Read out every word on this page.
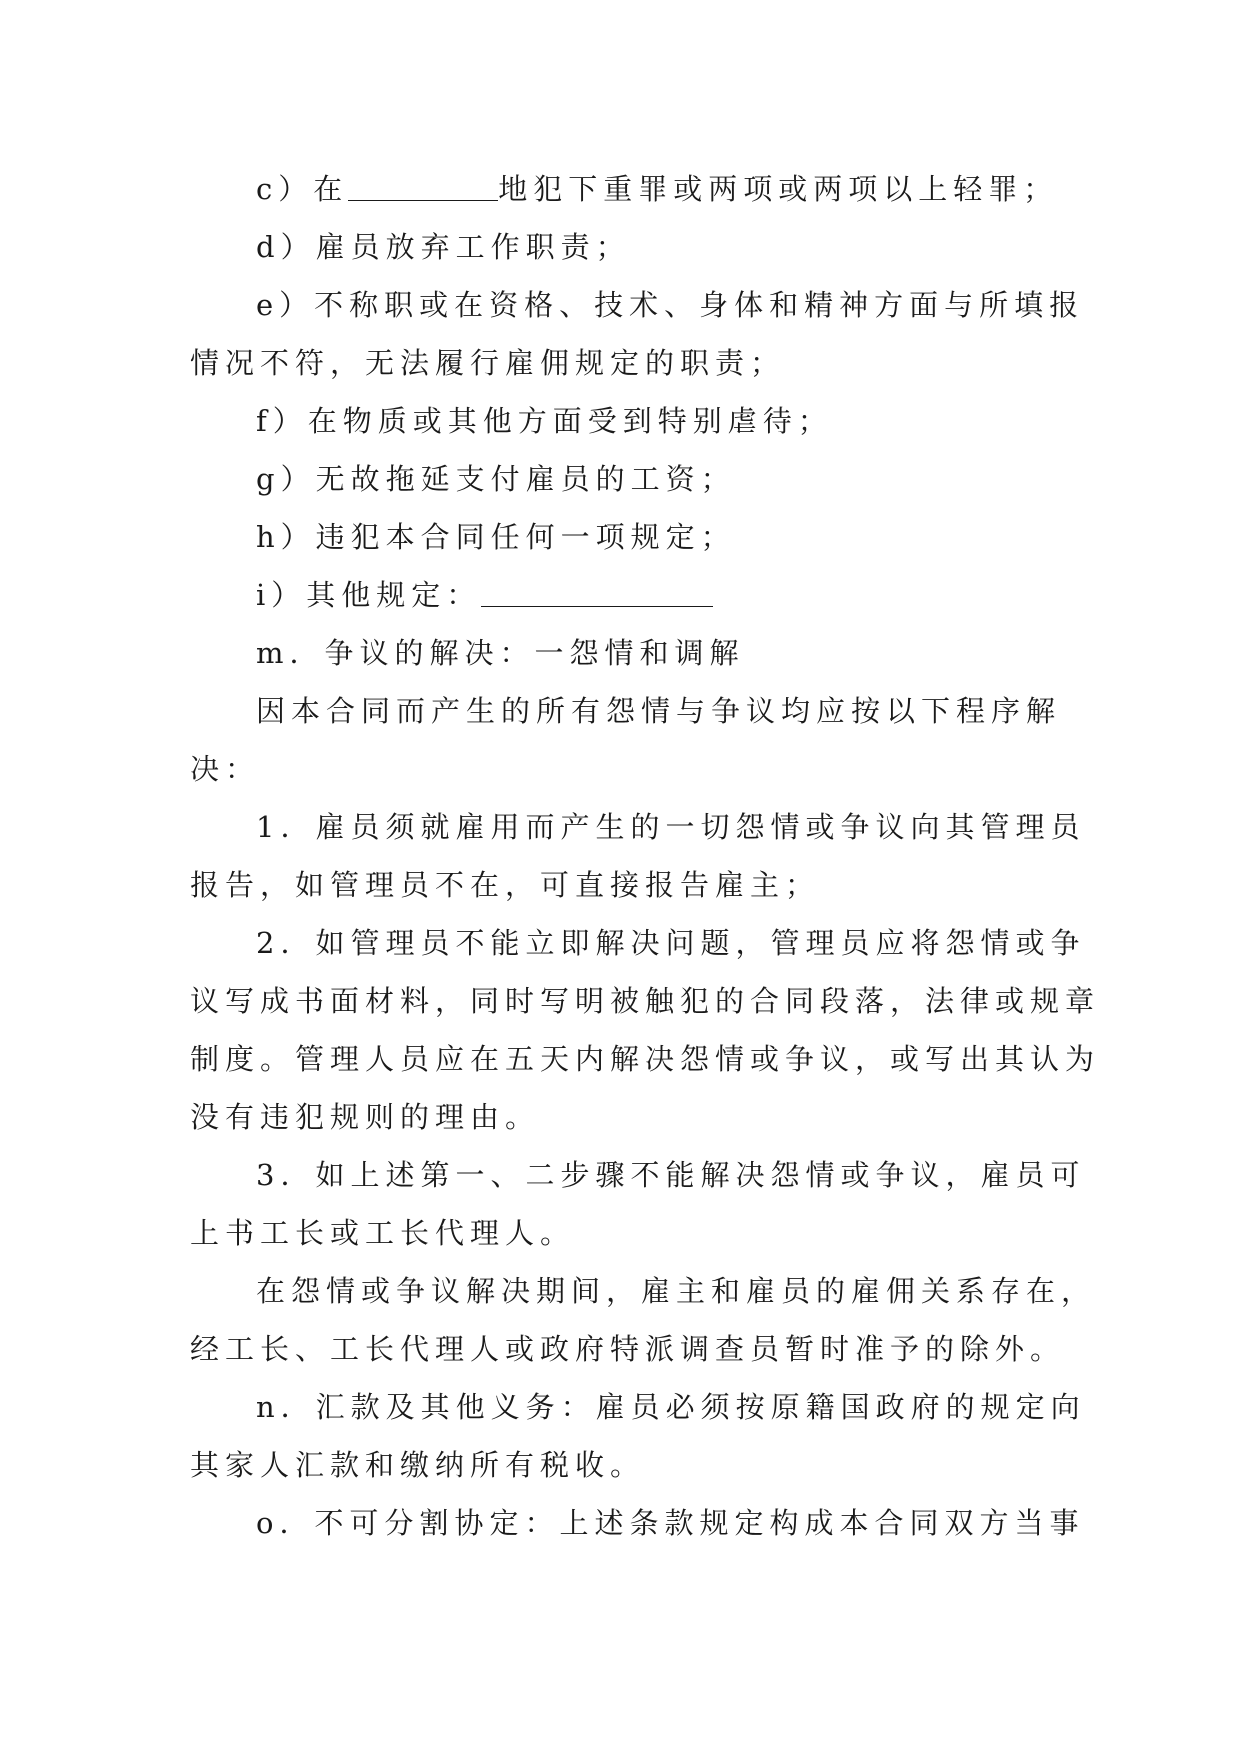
c）在	地犯下重罪或两项或两项以上轻罪；

d）雇员放弃工作职责；

e）不称职或在资格、技术、身体和精神方面与所填报

情况不符，无法履行雇佣规定的职责；

f）在物质或其他方面受到特别虐待；

g）无故拖延支付雇员的工资；

h）违犯本合同任何一项规定；

i）其他规定：

m．争议的解决：一怨情和调解

因本合同而产生的所有怨情与争议均应按以下程序解

决：

1．雇员须就雇用而产生的一切怨情或争议向其管理员

报告，如管理员不在，可直接报告雇主；

2．如管理员不能立即解决问题，管理员应将怨情或争

议写成书面材料，同时写明被触犯的合同段落，法律或规章

制度。管理人员应在五天内解决怨情或争议，或写出其认为

没有违犯规则的理由。

3．如上述第一、二步骤不能解决怨情或争议，雇员可

上书工长或工长代理人。

在怨情或争议解决期间，雇主和雇员的雇佣关系存在，

经工长、工长代理人或政府特派调查员暂时准予的除外。

n．汇款及其他义务：雇员必须按原籍国政府的规定向

其家人汇款和缴纳所有税收。

o．不可分割协定：上述条款规定构成本合同双方当事
